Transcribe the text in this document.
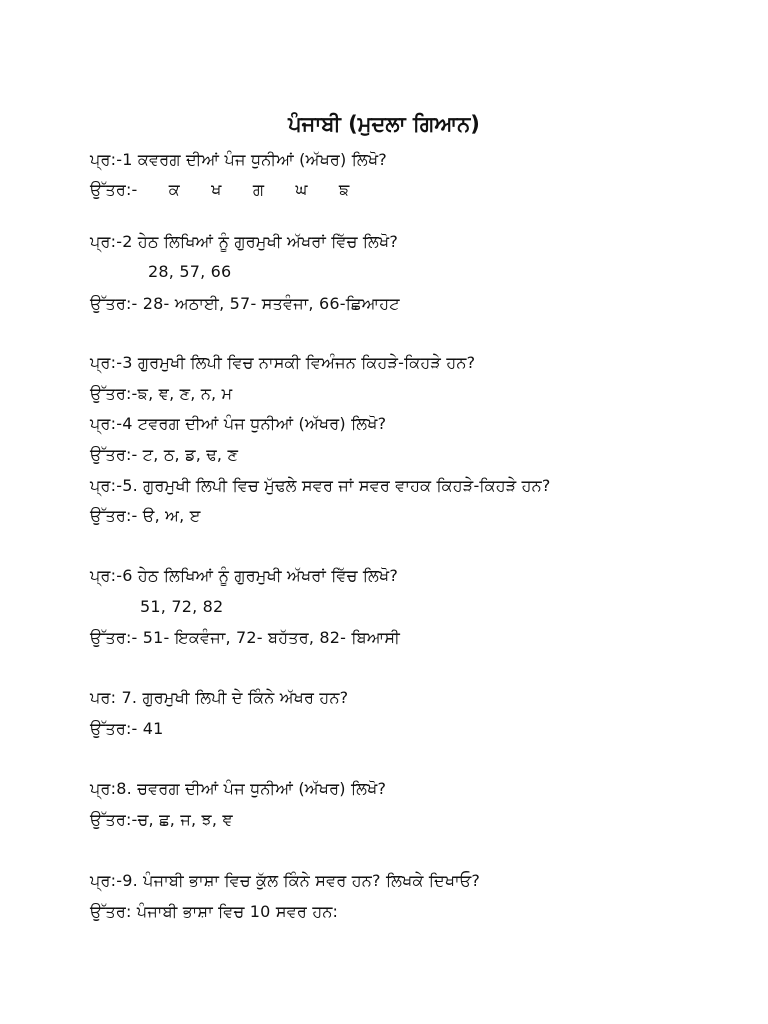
ਪੰਜਾਬੀ (ਮੁਦਲਾ ਗਿਆਨ)
ਪ੍ਰ:-1 ਕਵਰਗ ਦੀਆਂ ਪੰਜ ਧੁਨੀਆਂ (ਅੱਖਰ) ਲਿਖੋ?
ਉੱਤਰ:- ਕ ਖ ਗ ਘ ਙ
ਪ੍ਰ:-2 ਹੇਠ ਲਿਖਿਆਂ ਨੂੰ ਗੁਰਮੁਖੀ ਅੱਖਰਾਂ ਵਿੱਚ ਲਿਖੋ?
28, 57, 66
ਉੱਤਰ:- 28- ਅਠਾਈ, 57- ਸਤਵੰਜਾ, 66-ਛਿਆਹਟ
ਪ੍ਰ:-3 ਗੁਰਮੁਖੀ ਲਿਪੀ ਵਿਚ ਨਾਸਕੀ ਵਿਅੰਜਨ ਕਿਹੜੇ-ਕਿਹੜੇ ਹਨ?
ਉੱਤਰ:-ਙ, ਞ, ਣ, ਨ, ਮ
ਪ੍ਰ:-4 ਟਵਰਗ ਦੀਆਂ ਪੰਜ ਧੁਨੀਆਂ (ਅੱਖਰ) ਲਿਖੋ?
ਉੱਤਰ:- ਟ, ਠ, ਡ, ਢ, ਣ
ਪ੍ਰ:-5. ਗੁਰਮੁਖੀ ਲਿਪੀ ਵਿਚ ਮੁੱਢਲੇ ਸਵਰ ਜਾਂ ਸਵਰ ਵਾਹਕ ਕਿਹੜੇ-ਕਿਹੜੇ ਹਨ?
ਉੱਤਰ:- ੳ, ਅ, ੲ
ਪ੍ਰ:-6 ਹੇਠ ਲਿਖਿਆਂ ਨੂੰ ਗੁਰਮੁਖੀ ਅੱਖਰਾਂ ਵਿੱਚ ਲਿਖੋ?
51, 72, 82
ਉੱਤਰ:- 51- ਇਕਵੰਜਾ, 72- ਬਹੱਤਰ, 82- ਬਿਆਸੀ
ਪਰ: 7. ਗੁਰਮੁਖੀ ਲਿਪੀ ਦੇ ਕਿੰਨੇ ਅੱਖਰ ਹਨ?
ਉੱਤਰ:- 41
ਪ੍ਰ:8. ਚਵਰਗ ਦੀਆਂ ਪੰਜ ਧੁਨੀਆਂ (ਅੱਖਰ) ਲਿਖੋ?
ਉੱਤਰ:-ਚ, ਛ, ਜ, ਝ, ਞ
ਪ੍ਰ:-9. ਪੰਜਾਬੀ ਭਾਸ਼ਾ ਵਿਚ ਕੁੱਲ ਕਿੰਨੇ ਸਵਰ ਹਨ? ਲਿਖਕੇ ਦਿਖਾਓ?
ਉੱਤਰ: ਪੰਜਾਬੀ ਭਾਸ਼ਾ ਵਿਚ 10 ਸਵਰ ਹਨ:
